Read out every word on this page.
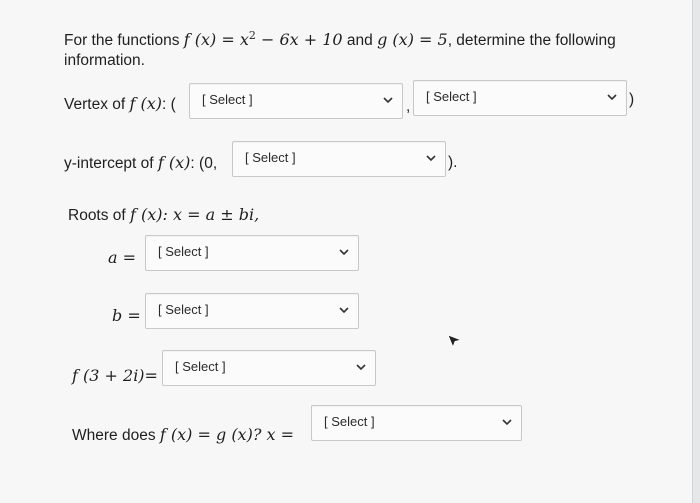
For the functions f $(x) = x^2 - 6x + 10$ and g (x) = 5, determine the following
information.
Vertex of f (x): ( [ Select ]	,
[ Select ]	)
y-intercept of f (x): (0, [ Select ]	).
Roots of f (x): x = a ± bi,
a = [ Select ]
b = [ Select ]
f (3 + 2i)= [ Select ]
Where does f (x) = g (x)? x =
[ Select ]
